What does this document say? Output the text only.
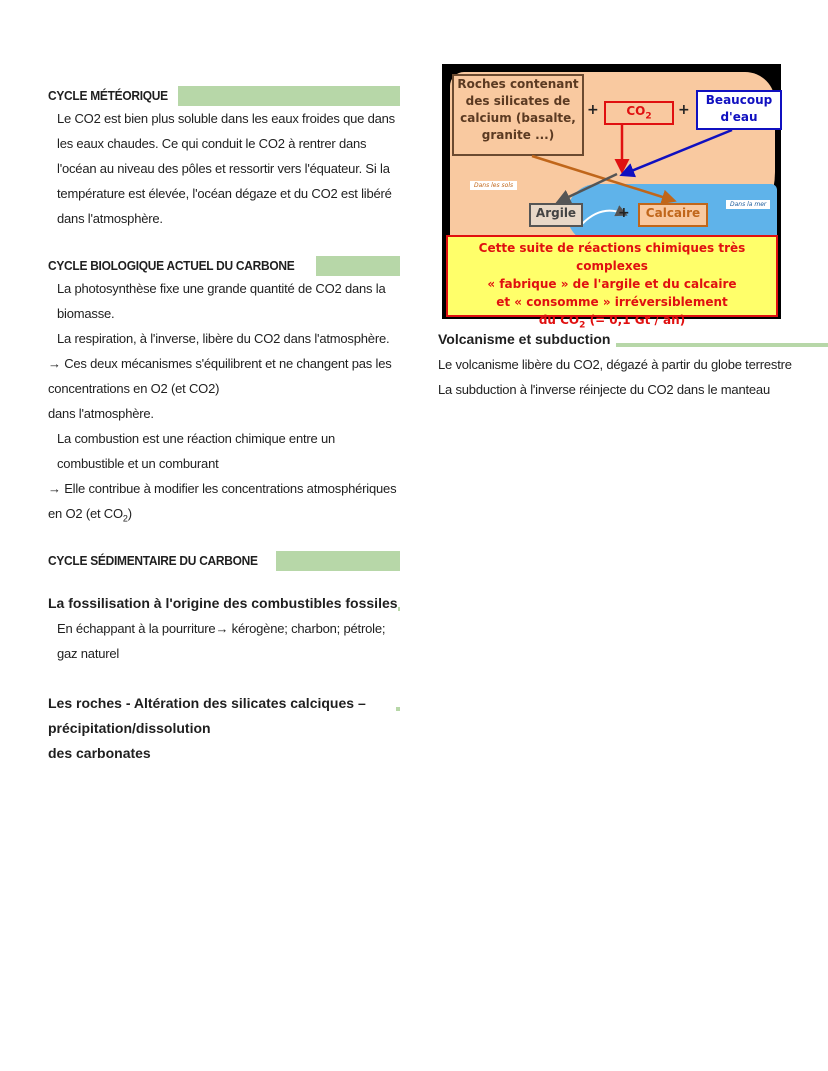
CYCLE MÉTÉORIQUE

Le CO2 est bien plus soluble dans les eaux froides que dans les eaux chaudes. Ce qui conduit le CO2 à rentrer dans l'océan au niveau des pôles et ressortir vers l'équateur. Si la température est élevée, l'océan dégaze et du CO2 est libéré dans l'atmosphère.

CYCLE BIOLOGIQUE ACTUEL DU CARBONE

La photosynthèse fixe une grande quantité de CO2 dans la biomasse.

La respiration, à l'inverse, libère du CO2 dans l'atmosphère.

→ Ces deux mécanismes s'équilibrent et ne changent pas les concentrations en O2 (et CO2)

dans l'atmosphère.

La combustion est une réaction chimique entre un combustible et un comburant

→ Elle contribue à modifier les concentrations atmosphériques en O2 (et $CO_2$)

CYCLE SÉDIMENTAIRE DU CARBONE
La fossilisation à l'origine des combustibles fossiles

En échappant à la pourriture→ kérogène; charbon; pétrole; gaz naturel

Les roches - Altération des silicates calciques –
précipitation/dissolution
des carbonates
Roches contenant
des silicates de
calcium (basalte,
granite ...)
+	$CO_2$	+
Beaucoup
d'eau
Dans les sols
Dans la mer
Argile	+	Calcaire
Cette suite de réactions chimiques très complexes
« fabrique » de l'argile et du calcaire
et « consomme » irréversiblement
du $CO_2$ (= 0,1 Gt / an)
Volcanisme et subduction

Le volcanisme libère du CO2, dégazé à partir du globe terrestre

La subduction à l'inverse réinjecte du CO2 dans le manteau
